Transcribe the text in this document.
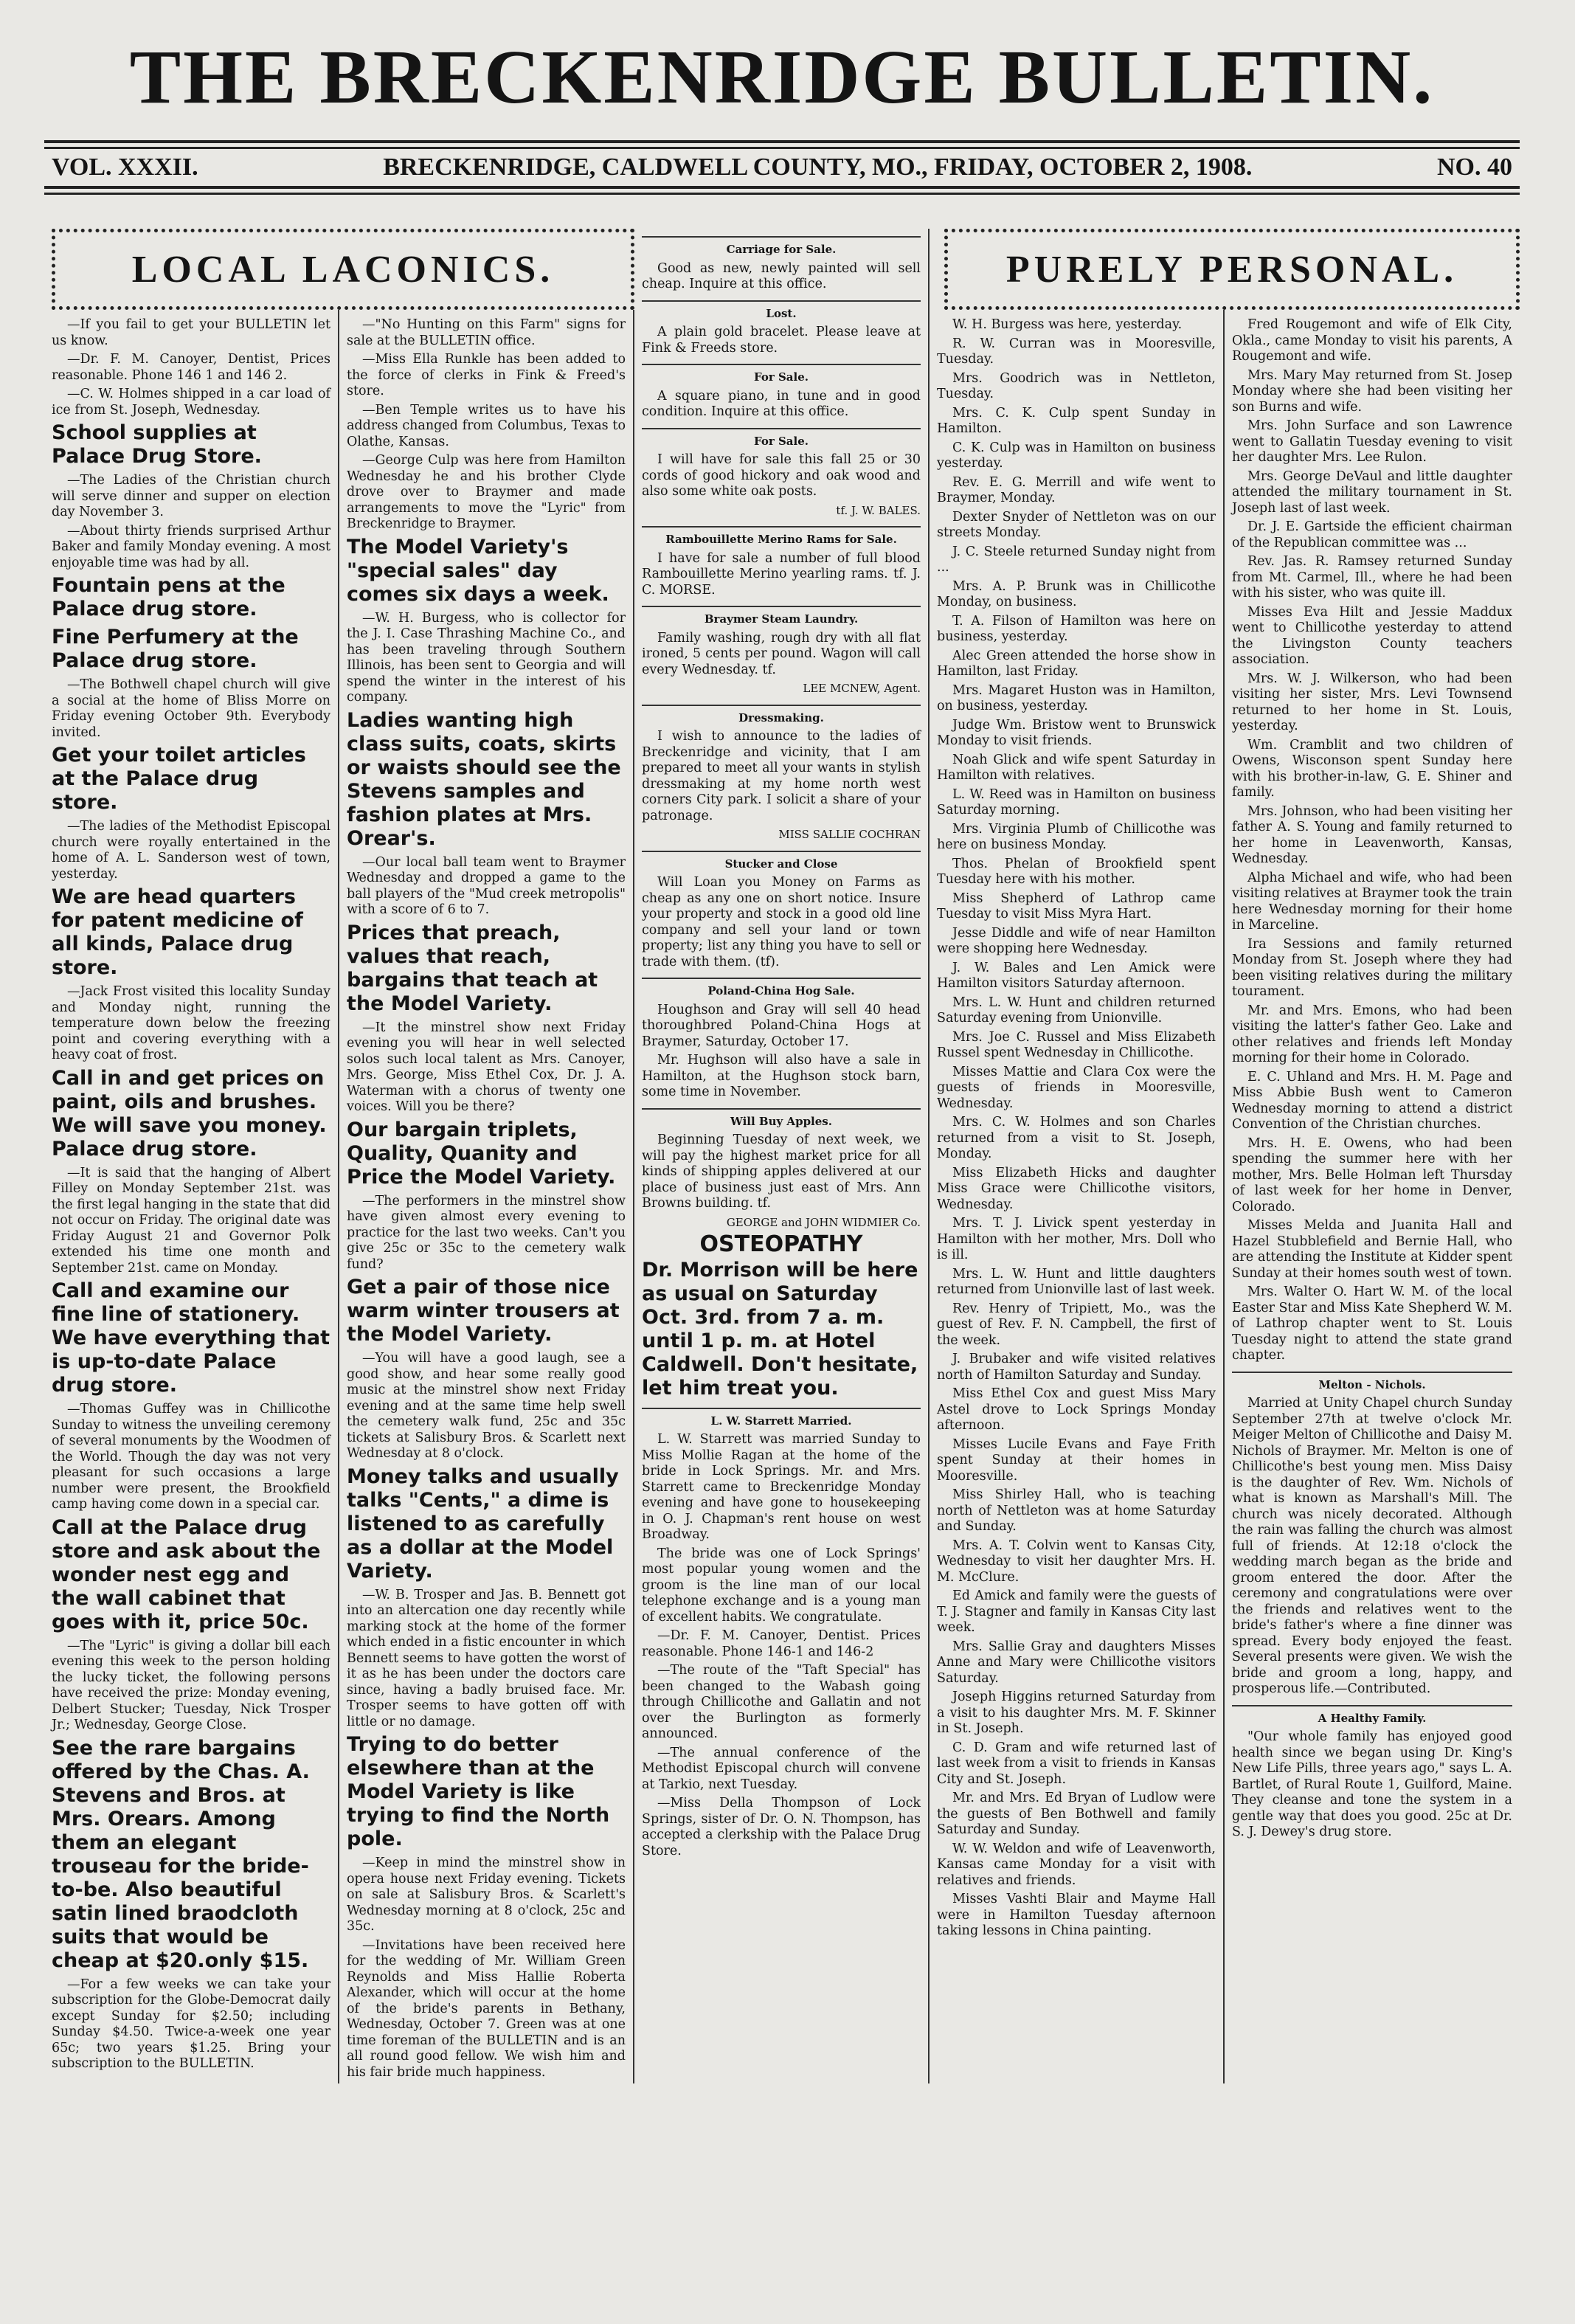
THE BRECKENRIDGE BULLETIN.
VOL. XXXII.	BRECKENRIDGE, CALDWELL COUNTY, MO., FRIDAY, OCTOBER 2, 1908.	NO. 40
—If you fail to get your BULLETIN let us know.
—Dr. F. M. Canoyer, Dentist, Prices reasonable. Phone 146 1 and 146 2.
—C. W. Holmes shipped in a car load of ice from St. Joseph, Wednesday.
School supplies at Palace Drug Store.
—The Ladies of the Christian church will serve dinner and supper on election day November 3.
—About thirty friends surprised Arthur Baker and family Monday evening. A most enjoyable time was had by all.
Fountain pens at the Palace drug store.
Fine Perfumery at the Palace drug store.
—The Bothwell chapel church will give a social at the home of Bliss Morre on Friday evening October 9th. Everybody invited.
Get your toilet articles at the Palace drug store.
—The ladies of the Methodist Episcopal church were royally entertained in the home of A. L. Sanderson west of town, yesterday.
We are head quarters for patent medicine of all kinds, Palace drug store.
—Jack Frost visited this locality Sunday and Monday night, running the temperature down below the freezing point and covering everything with a heavy coat of frost.
Call in and get prices on paint, oils and brushes. We will save you money. Palace drug store.
—It is said that the hanging of Albert Filley on Monday September 21st. was the first legal hanging in the state that did not occur on Friday. The original date was Friday August 21 and Governor Polk extended his time one month and September 21st. came on Monday.
Call and examine our fine line of stationery. We have everything that is up-to-date Palace drug store.
—Thomas Guffey was in Chillicothe Sunday to witness the unveiling ceremony of several monuments by the Woodmen of the World. Though the day was not very pleasant for such occasions a large number were present, the Brookfield camp having come down in a special car.
Call at the Palace drug store and ask about the wonder nest egg and the wall cabinet that goes with it, price 50c.
—The "Lyric" is giving a dollar bill each evening this week to the person holding the lucky ticket, the following persons have received the prize: Monday evening, Delbert Stucker; Tuesday, Nick Trosper Jr.; Wednesday, George Close.
See the rare bargains offered by the Chas. A. Stevens and Bros. at Mrs. Orears. Among them an elegant trouseau for the bride-to-be. Also beautiful satin lined braodcloth suits that would be cheap at $20.only $15.
—For a few weeks we can take your subscription for the Globe-Democrat daily except Sunday for $2.50; including Sunday $4.50. Twice-a-week one year 65c; two years $1.25. Bring your subscription to the BULLETIN.
—"No Hunting on this Farm" signs for sale at the BULLETIN office.
—Miss Ella Runkle has been added to the force of clerks in Fink & Freed's store.
—Ben Temple writes us to have his address changed from Columbus, Texas to Olathe, Kansas.
—George Culp was here from Hamilton Wednesday he and his brother Clyde drove over to Braymer and made arrangements to move the "Lyric" from Breckenridge to Braymer.
The Model Variety's "special sales" day comes six days a week.
—W. H. Burgess, who is collector for the J. I. Case Thrashing Machine Co., and has been traveling through Southern Illinois, has been sent to Georgia and will spend the winter in the interest of his company.
Ladies wanting high class suits, coats, skirts or waists should see the Stevens samples and fashion plates at Mrs. Orear's.
—Our local ball team went to Braymer Wednesday and dropped a game to the ball players of the "Mud creek metropolis" with a score of 6 to 7.
Prices that preach, values that reach, bargains that teach at the Model Variety.
—It the minstrel show next Friday evening you will hear in well selected solos such local talent as Mrs. Canoyer, Mrs. George, Miss Ethel Cox, Dr. J. A. Waterman with a chorus of twenty one voices. Will you be there?
Our bargain triplets, Quality, Quanity and Price the Model Variety.
—The performers in the minstrel show have given almost every evening to practice for the last two weeks. Can't you give 25c or 35c to the cemetery walk fund?
Get a pair of those nice warm winter trousers at the Model Variety.
—You will have a good laugh, see a good show, and hear some really good music at the minstrel show next Friday evening and at the same time help swell the cemetery walk fund, 25c and 35c tickets at Salisbury Bros. & Scarlett next Wednesday at 8 o'clock.
Money talks and usually talks "Cents," a dime is listened to as carefully as a dollar at the Model Variety.
—W. B. Trosper and Jas. B. Bennett got into an altercation one day recently while marking stock at the home of the former which ended in a fistic encounter in which Bennett seems to have gotten the worst of it as he has been under the doctors care since, having a badly bruised face. Mr. Trosper seems to have gotten off with little or no damage.
Trying to do better elsewhere than at the Model Variety is like trying to find the North pole.
—Keep in mind the minstrel show in opera house next Friday evening. Tickets on sale at Salisbury Bros. & Scarlett's Wednesday morning at 8 o'clock, 25c and 35c.
—Invitations have been received here for the wedding of Mr. William Green Reynolds and Miss Hallie Roberta Alexander, which will occur at the home of the bride's parents in Bethany, Wednesday, October 7. Green was at one time foreman of the BULLETIN and is an all round good fellow. We wish him and his fair bride much happiness.
Carriage for Sale.
Good as new, newly painted will sell cheap. Inquire at this office.
Lost.
A plain gold bracelet. Please leave at Fink & Freeds store.
For Sale.
A square piano, in tune and in good condition. Inquire at this office.
For Sale.
I will have for sale this fall 25 or 30 cords of good hickory and oak wood and also some white oak posts.
tf. J. W. BALES.
Rambouillette Merino Rams for Sale.
I have for sale a number of full blood Rambouillette Merino yearling rams. tf. J. C. MORSE.
Braymer Steam Laundry.
Family washing, rough dry with all flat ironed, 5 cents per pound. Wagon will call every Wednesday. tf.
LEE MCNEW, Agent.
Dressmaking.
I wish to announce to the ladies of Breckenridge and vicinity, that I am prepared to meet all your wants in stylish dressmaking at my home north west corners City park. I solicit a share of your patronage.
MISS SALLIE COCHRAN
Stucker and Close
Will Loan you Money on Farms as cheap as any one on short notice. Insure your property and stock in a good old line company and sell your land or town property; list any thing you have to sell or trade with them. (tf).
Poland-China Hog Sale.
Houghson and Gray will sell 40 head thoroughbred Poland-China Hogs at Braymer, Saturday, October 17.
Mr. Hughson will also have a sale in Hamilton, at the Hughson stock barn, some time in November.
Will Buy Apples.
Beginning Tuesday of next week, we will pay the highest market price for all kinds of shipping apples delivered at our place of business just east of Mrs. Ann Browns building. tf.
GEORGE and JOHN WIDMIER Co.
OSTEOPATHY
Dr. Morrison will be here as usual on Saturday Oct. 3rd. from 7 a. m. until 1 p. m. at Hotel Caldwell. Don't hesitate, let him treat you.
L. W. Starrett Married.
L. W. Starrett was married Sunday to Miss Mollie Ragan at the home of the bride in Lock Springs. Mr. and Mrs. Starrett came to Breckenridge Monday evening and have gone to housekeeping in O. J. Chapman's rent house on west Broadway.
The bride was one of Lock Springs' most popular young women and the groom is the line man of our local telephone exchange and is a young man of excellent habits. We congratulate.
—Dr. F. M. Canoyer, Dentist. Prices reasonable. Phone 146-1 and 146-2
—The route of the "Taft Special" has been changed to the Wabash going through Chillicothe and Gallatin and not over the Burlington as formerly announced.
—The annual conference of the Methodist Episcopal church will convene at Tarkio, next Tuesday.
—Miss Della Thompson of Lock Springs, sister of Dr. O. N. Thompson, has accepted a clerkship with the Palace Drug Store.
W. H. Burgess was here, yesterday.
R. W. Curran was in Mooresville, Tuesday.
Mrs. Goodrich was in Nettleton, Tuesday.
Mrs. C. K. Culp spent Sunday in Hamilton.
C. K. Culp was in Hamilton on business yesterday.
Rev. E. G. Merrill and wife went to Braymer, Monday.
Dexter Snyder of Nettleton was on our streets Monday.
J. C. Steele returned Sunday night from ...
Mrs. A. P. Brunk was in Chillicothe Monday, on business.
T. A. Filson of Hamilton was here on business, yesterday.
Alec Green attended the horse show in Hamilton, last Friday.
Mrs. Magaret Huston was in Hamilton, on business, yesterday.
Judge Wm. Bristow went to Brunswick Monday to visit friends.
Noah Glick and wife spent Saturday in Hamilton with relatives.
L. W. Reed was in Hamilton on business Saturday morning.
Mrs. Virginia Plumb of Chillicothe was here on business Monday.
Thos. Phelan of Brookfield spent Tuesday here with his mother.
Miss Shepherd of Lathrop came Tuesday to visit Miss Myra Hart.
Jesse Diddle and wife of near Hamilton were shopping here Wednesday.
J. W. Bales and Len Amick were Hamilton visitors Saturday afternoon.
Mrs. L. W. Hunt and children returned Saturday evening from Unionville.
Mrs. Joe C. Russel and Miss Elizabeth Russel spent Wednesday in Chillicothe.
Misses Mattie and Clara Cox were the guests of friends in Mooresville, Wednesday.
Mrs. C. W. Holmes and son Charles returned from a visit to St. Joseph, Monday.
Miss Elizabeth Hicks and daughter Miss Grace were Chillicothe visitors, Wednesday.
Mrs. T. J. Livick spent yesterday in Hamilton with her mother, Mrs. Doll who is ill.
Mrs. L. W. Hunt and little daughters returned from Unionville last of last week.
Rev. Henry of Tripiett, Mo., was the guest of Rev. F. N. Campbell, the first of the week.
J. Brubaker and wife visited relatives north of Hamilton Saturday and Sunday.
Miss Ethel Cox and guest Miss Mary Astel drove to Lock Springs Monday afternoon.
Misses Lucile Evans and Faye Frith spent Sunday at their homes in Mooresville.
Miss Shirley Hall, who is teaching north of Nettleton was at home Saturday and Sunday.
Mrs. A. T. Colvin went to Kansas City, Wednesday to visit her daughter Mrs. H. M. McClure.
Ed Amick and family were the guests of T. J. Stagner and family in Kansas City last week.
Mrs. Sallie Gray and daughters Misses Anne and Mary were Chillicothe visitors Saturday.
Joseph Higgins returned Saturday from a visit to his daughter Mrs. M. F. Skinner in St. Joseph.
C. D. Gram and wife returned last of last week from a visit to friends in Kansas City and St. Joseph.
Mr. and Mrs. Ed Bryan of Ludlow were the guests of Ben Bothwell and family Saturday and Sunday.
W. W. Weldon and wife of Leavenworth, Kansas came Monday for a visit with relatives and friends.
Misses Vashti Blair and Mayme Hall were in Hamilton Tuesday afternoon taking lessons in China painting.
Fred Rougemont and wife of Elk City, Okla., came Monday to visit his parents, A Rougemont and wife.
Mrs. Mary May returned from St. Josep Monday where she had been visiting her son Burns and wife.
Mrs. John Surface and son Lawrence went to Gallatin Tuesday evening to visit her daughter Mrs. Lee Rulon.
Mrs. George DeVaul and little daughter attended the military tournament in St. Joseph last of last week.
Dr. J. E. Gartside the efficient chairman of the Republican committee was ...
Rev. Jas. R. Ramsey returned Sunday from Mt. Carmel, Ill., where he had been with his sister, who was quite ill.
Misses Eva Hilt and Jessie Maddux went to Chillicothe yesterday to attend the Livingston County teachers association.
Mrs. W. J. Wilkerson, who had been visiting her sister, Mrs. Levi Townsend returned to her home in St. Louis, yesterday.
Wm. Cramblit and two children of Owens, Wisconson spent Sunday here with his brother-in-law, G. E. Shiner and family.
Mrs. Johnson, who had been visiting her father A. S. Young and family returned to her home in Leavenworth, Kansas, Wednesday.
Alpha Michael and wife, who had been visiting relatives at Braymer took the train here Wednesday morning for their home in Marceline.
Ira Sessions and family returned Monday from St. Joseph where they had been visiting relatives during the military tourament.
Mr. and Mrs. Emons, who had been visiting the latter's father Geo. Lake and other relatives and friends left Monday morning for their home in Colorado.
E. C. Uhland and Mrs. H. M. Page and Miss Abbie Bush went to Cameron Wednesday morning to attend a district Convention of the Christian churches.
Mrs. H. E. Owens, who had been spending the summer here with her mother, Mrs. Belle Holman left Thursday of last week for her home in Denver, Colorado.
Misses Melda and Juanita Hall and Hazel Stubblefield and Bernie Hall, who are attending the Institute at Kidder spent Sunday at their homes south west of town.
Mrs. Walter O. Hart W. M. of the local Easter Star and Miss Kate Shepherd W. M. of Lathrop chapter went to St. Louis Tuesday night to attend the state grand chapter.
Melton - Nichols.
Married at Unity Chapel church Sunday September 27th at twelve o'clock Mr. Meiger Melton of Chillicothe and Daisy M. Nichols of Braymer. Mr. Melton is one of Chillicothe's best young men. Miss Daisy is the daughter of Rev. Wm. Nichols of what is known as Marshall's Mill. The church was nicely decorated. Although the rain was falling the church was almost full of friends. At 12:18 o'clock the wedding march began as the bride and groom entered the door. After the ceremony and congratulations were over the friends and relatives went to the bride's father's where a fine dinner was spread. Every body enjoyed the feast. Several presents were given. We wish the bride and groom a long, happy, and prosperous life.—Contributed.
A Healthy Family.
"Our whole family has enjoyed good health since we began using Dr. King's New Life Pills, three years ago," says L. A. Bartlet, of Rural Route 1, Guilford, Maine. They cleanse and tone the system in a gentle way that does you good. 25c at Dr. S. J. Dewey's drug store.
LOCAL LACONICS.	PURELY PERSONAL.
